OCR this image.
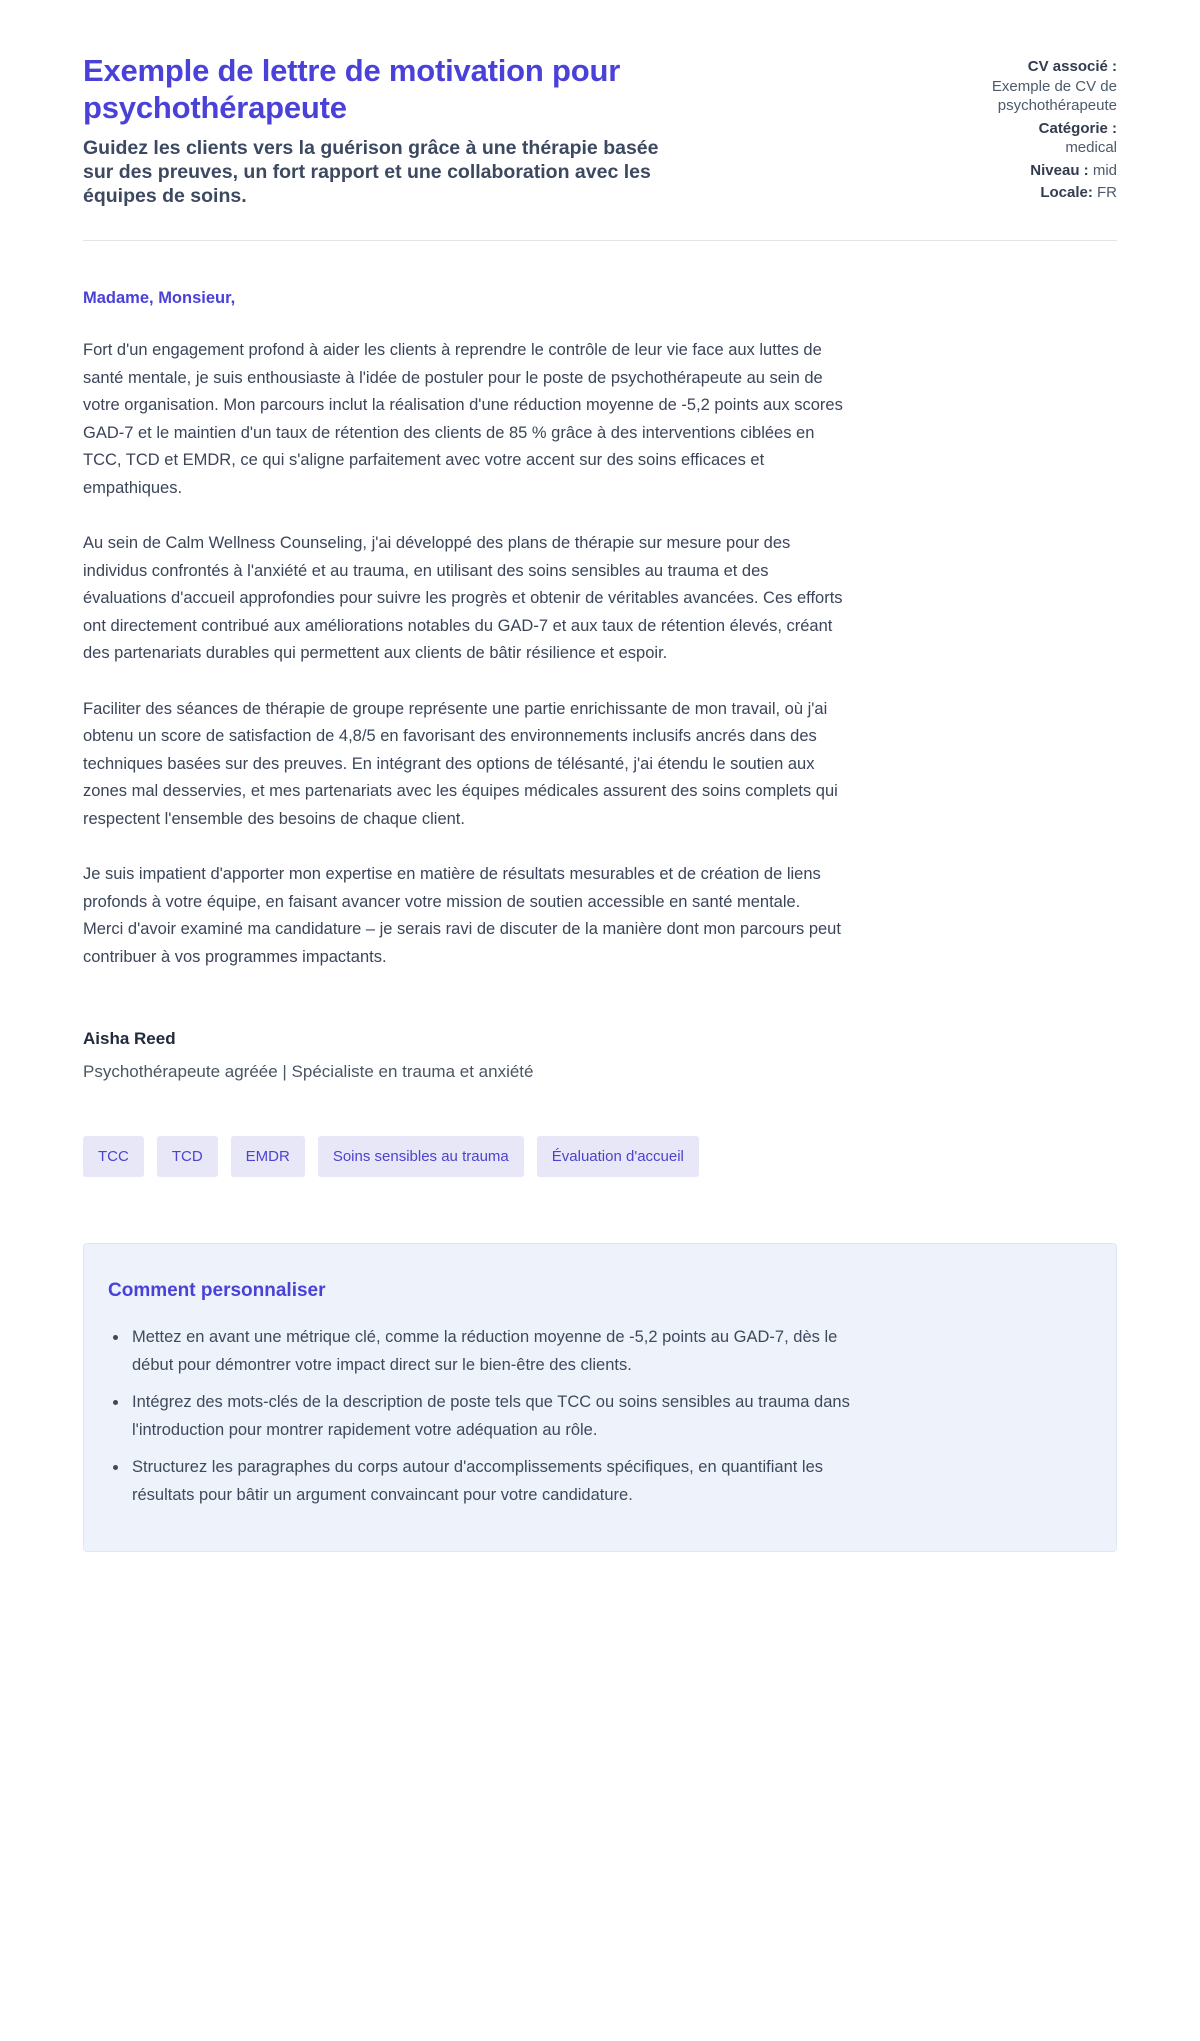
Exemple de lettre de motivation pour psychothérapeute

Guidez les clients vers la guérison grâce à une thérapie basée sur des preuves, un fort rapport et une collaboration avec les équipes de soins.

CV associé :
Exemple de CV de psychothérapeute
Catégorie :
medical
Niveau : mid
Locale: FR

Madame, Monsieur,

Fort d'un engagement profond à aider les clients à reprendre le contrôle de leur vie face aux luttes de santé mentale, je suis enthousiaste à l'idée de postuler pour le poste de psychothérapeute au sein de votre organisation. Mon parcours inclut la réalisation d'une réduction moyenne de -5,2 points aux scores GAD-7 et le maintien d'un taux de rétention des clients de 85 % grâce à des interventions ciblées en TCC, TCD et EMDR, ce qui s'aligne parfaitement avec votre accent sur des soins efficaces et empathiques.

Au sein de Calm Wellness Counseling, j'ai développé des plans de thérapie sur mesure pour des individus confrontés à l'anxiété et au trauma, en utilisant des soins sensibles au trauma et des évaluations d'accueil approfondies pour suivre les progrès et obtenir de véritables avancées. Ces efforts ont directement contribué aux améliorations notables du GAD-7 et aux taux de rétention élevés, créant des partenariats durables qui permettent aux clients de bâtir résilience et espoir.

Faciliter des séances de thérapie de groupe représente une partie enrichissante de mon travail, où j'ai obtenu un score de satisfaction de 4,8/5 en favorisant des environnements inclusifs ancrés dans des techniques basées sur des preuves. En intégrant des options de télésanté, j'ai étendu le soutien aux zones mal desservies, et mes partenariats avec les équipes médicales assurent des soins complets qui respectent l'ensemble des besoins de chaque client.

Je suis impatient d'apporter mon expertise en matière de résultats mesurables et de création de liens profonds à votre équipe, en faisant avancer votre mission de soutien accessible en santé mentale. Merci d'avoir examiné ma candidature – je serais ravi de discuter de la manière dont mon parcours peut contribuer à vos programmes impactants.

Aisha Reed

Psychothérapeute agréée | Spécialiste en trauma et anxiété

TCC	TCD	EMDR	Soins sensibles au trauma	Évaluation d'accueil
Comment personnaliser
• Mettez en avant une métrique clé, comme la réduction moyenne de -5,2 points au GAD-7, dès le début pour démontrer votre impact direct sur le bien-être des clients.
• Intégrez des mots-clés de la description de poste tels que TCC ou soins sensibles au trauma dans l'introduction pour montrer rapidement votre adéquation au rôle.
• Structurez les paragraphes du corps autour d'accomplissements spécifiques, en quantifiant les résultats pour bâtir un argument convaincant pour votre candidature.
